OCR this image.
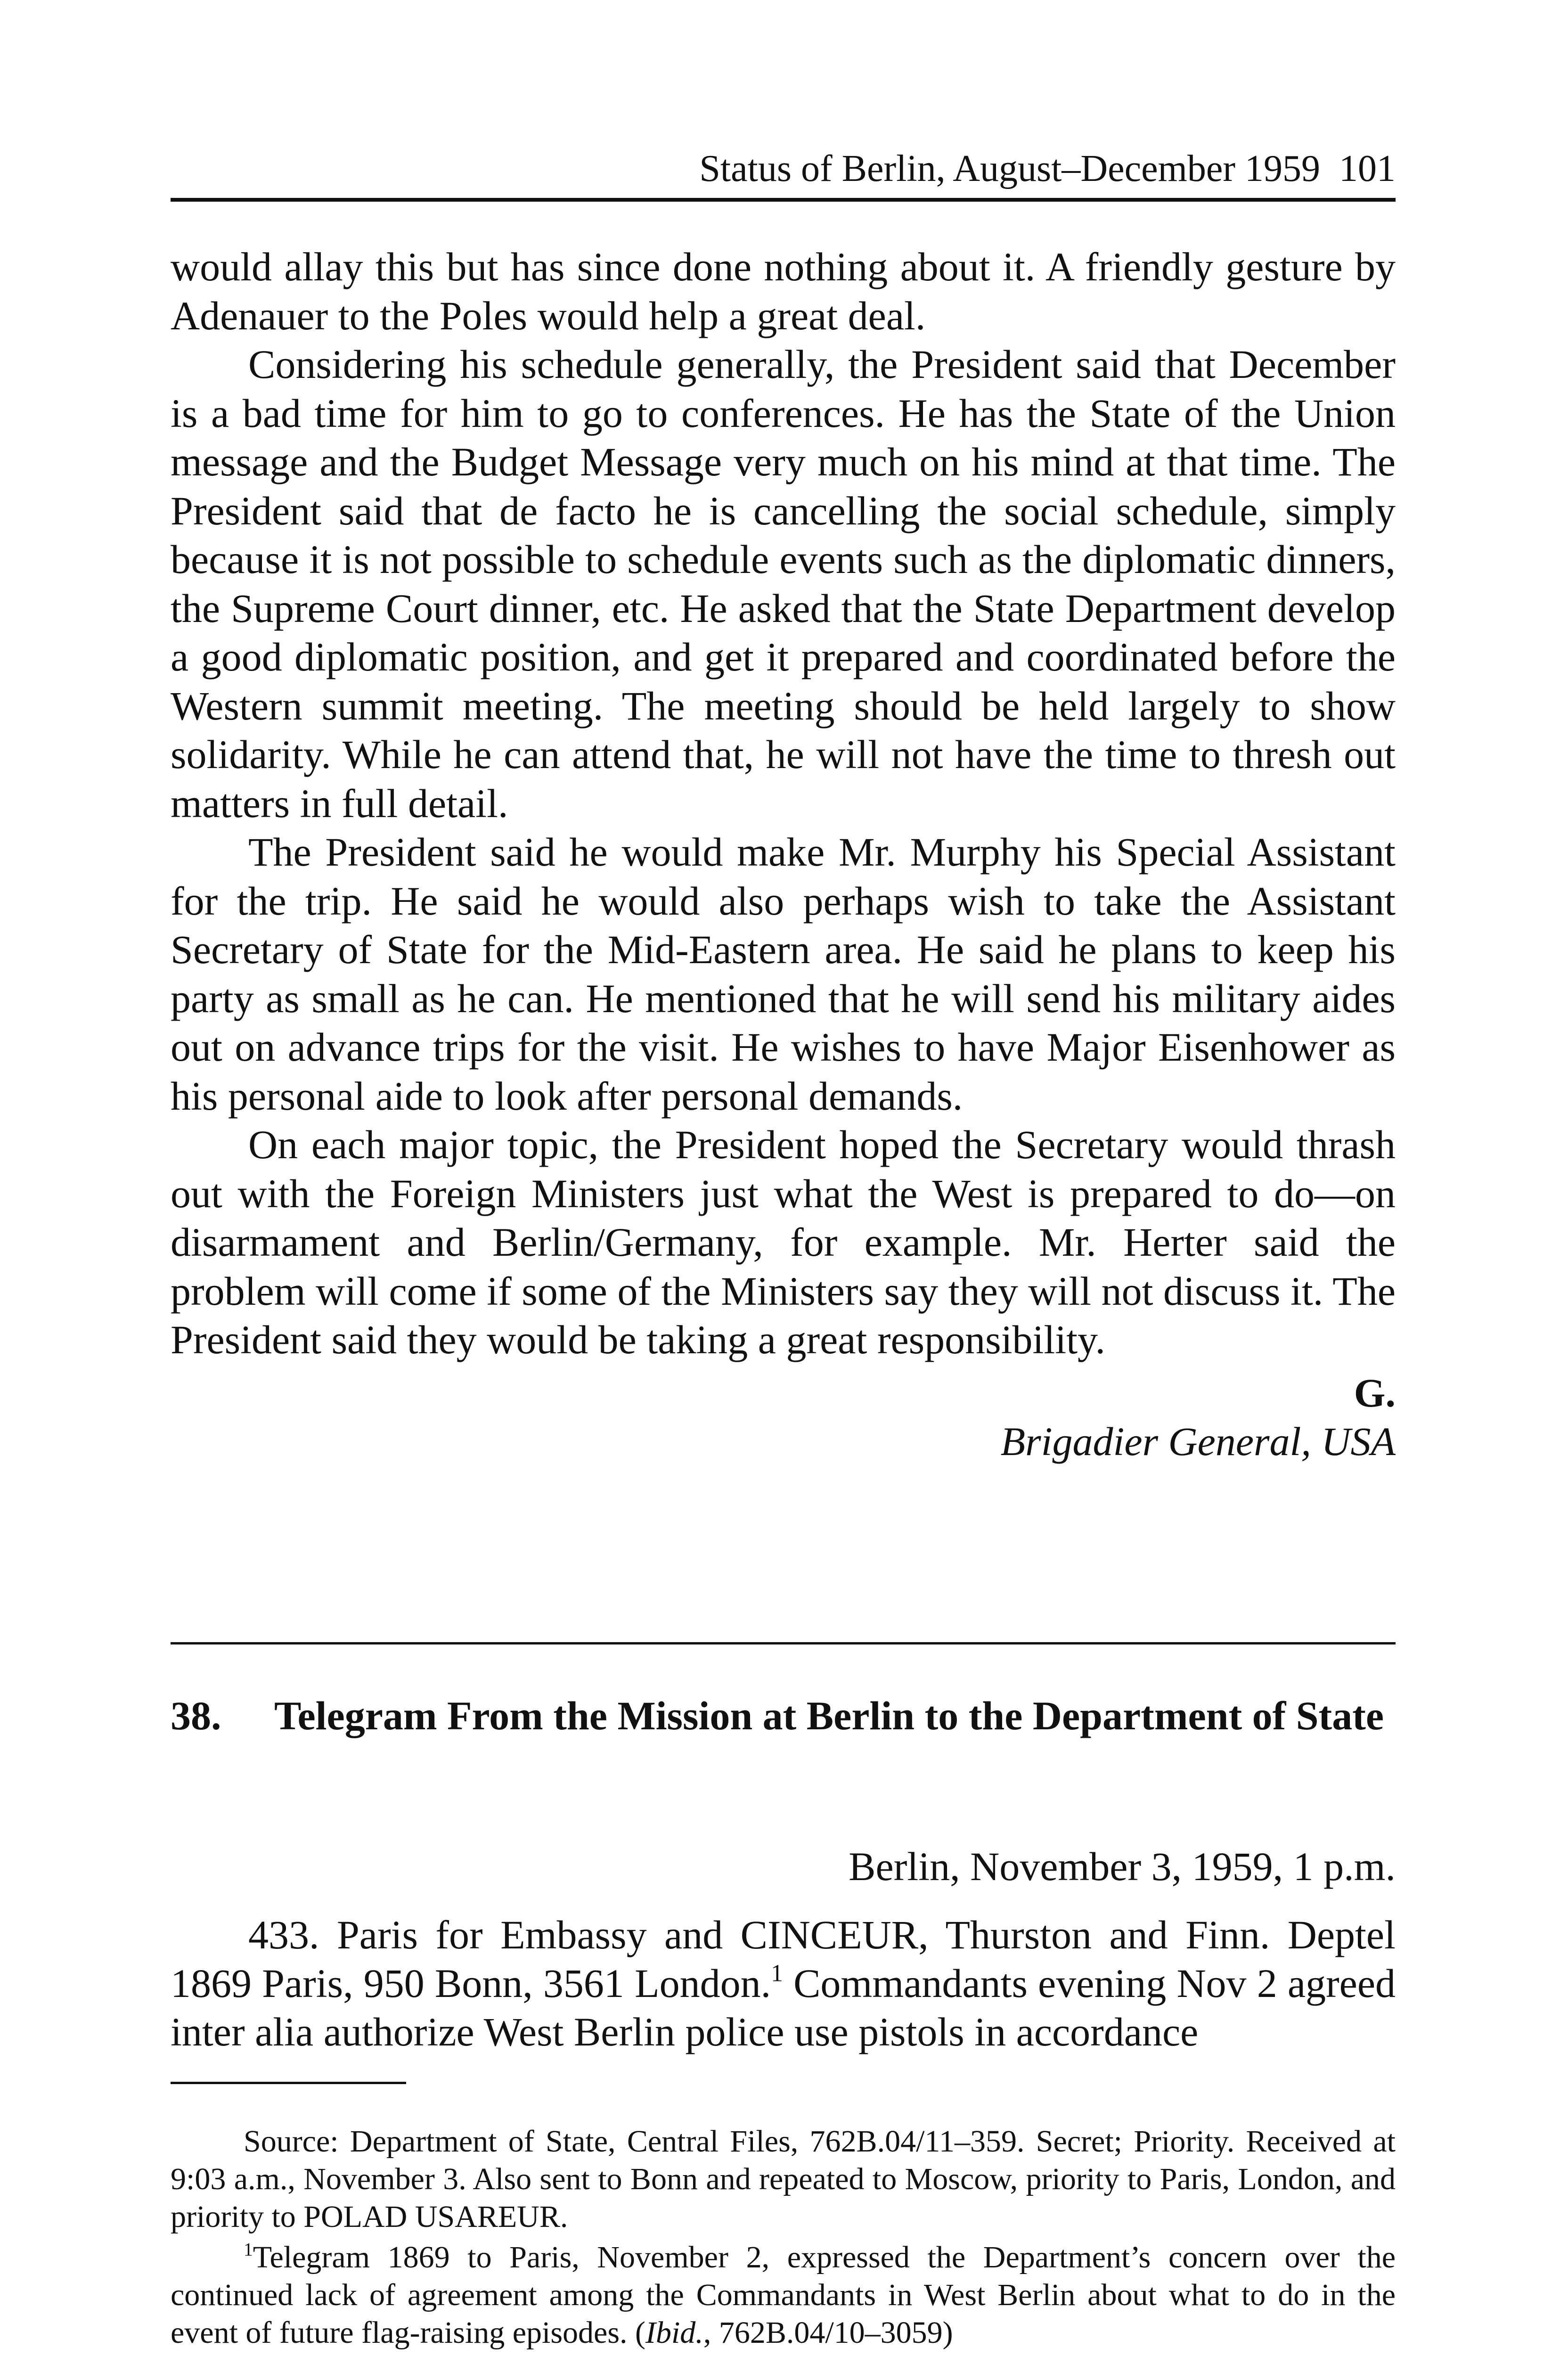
Status of Berlin, August–December 1959 101

would allay this but has since done nothing about it. A friendly gesture by Adenauer to the Poles would help a great deal.

Considering his schedule generally, the President said that December is a bad time for him to go to conferences. He has the State of the Union message and the Budget Message very much on his mind at that time. The President said that de facto he is cancelling the social schedule, simply because it is not possible to schedule events such as the diplomatic dinners, the Supreme Court dinner, etc. He asked that the State Department develop a good diplomatic position, and get it prepared and coordinated before the Western summit meeting. The meeting should be held largely to show solidarity. While he can attend that, he will not have the time to thresh out matters in full detail.

The President said he would make Mr. Murphy his Special Assistant for the trip. He said he would also perhaps wish to take the Assistant Secretary of State for the Mid-Eastern area. He said he plans to keep his party as small as he can. He mentioned that he will send his military aides out on advance trips for the visit. He wishes to have Major Eisenhower as his personal aide to look after personal demands.

On each major topic, the President hoped the Secretary would thrash out with the Foreign Ministers just what the West is prepared to do—on disarmament and Berlin/Germany, for example. Mr. Herter said the problem will come if some of the Ministers say they will not discuss it. The President said they would be taking a great responsibility.

G.
Brigadier General, USA
38. Telegram From the Mission at Berlin to the Department of State
Berlin, November 3, 1959, 1 p.m.

433. Paris for Embassy and CINCEUR, Thurston and Finn. Deptel 1869 Paris, 950 Bonn, 3561 London.$^1$ Commandants evening Nov 2 agreed inter alia authorize West Berlin police use pistols in accordance

Source: Department of State, Central Files, 762B.04/11–359. Secret; Priority. Received at 9:03 a.m., November 3. Also sent to Bonn and repeated to Moscow, priority to Paris, London, and priority to POLAD USAREUR.

$^1$Telegram 1869 to Paris, November 2, expressed the Department’s concern over the continued lack of agreement among the Commandants in West Berlin about what to do in the event of future flag-raising episodes. (Ibid., 762B.04/10–3059)
